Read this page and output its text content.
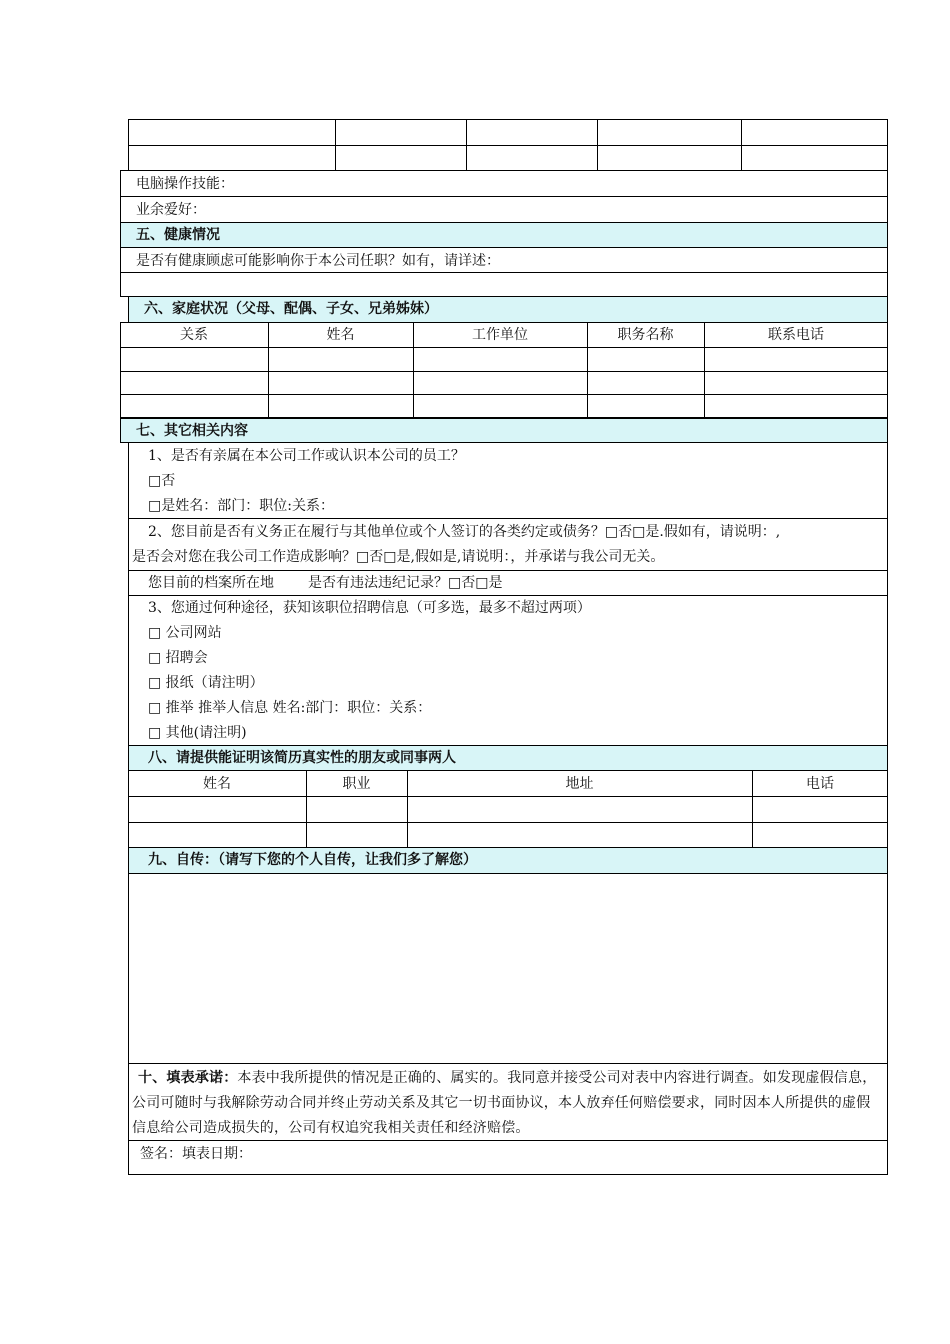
电脑操作技能：
业余爱好：
五、健康情况
是否有健康顾虑可能影响你于本公司任职？如有，请详述：
六、家庭状况（父母、配偶、子女、兄弟姊妹）
关系	姓名	工作单位	职务名称	联系电话
七、其它相关内容
1、是否有亲属在本公司工作或认识本公司的员工？
□否
□是姓名：部门：职位:关系：
2、您目前是否有义务正在履行与其他单位或个人签订的各类约定或债务？□否□是.假如有，请说明：,
是否会对您在我公司工作造成影响？□否□是,假如是,请说明：，并承诺与我公司无关。
您目前的档案所在地 是否有违法违纪记录？□否□是
3、您通过何种途径，获知该职位招聘信息（可多选，最多不超过两项）
□ 公司网站
□ 招聘会
□ 报纸（请注明）
□ 推举 推举人信息 姓名:部门：职位：关系：
□ 其他(请注明)
八、请提供能证明该简历真实性的朋友或同事两人
姓名	职业	地址	电话
九、自传：（请写下您的个人自传，让我们多了解您）
十、填表承诺：本表中我所提供的情况是正确的、属实的。我同意并接受公司对表中内容进行调查。如发现虚假信息，公司可随时与我解除劳动合同并终止劳动关系及其它一切书面协议，本人放弃任何赔偿要求，同时因本人所提供的虚假信息给公司造成损失的，公司有权追究我相关责任和经济赔偿。
签名：填表日期：
